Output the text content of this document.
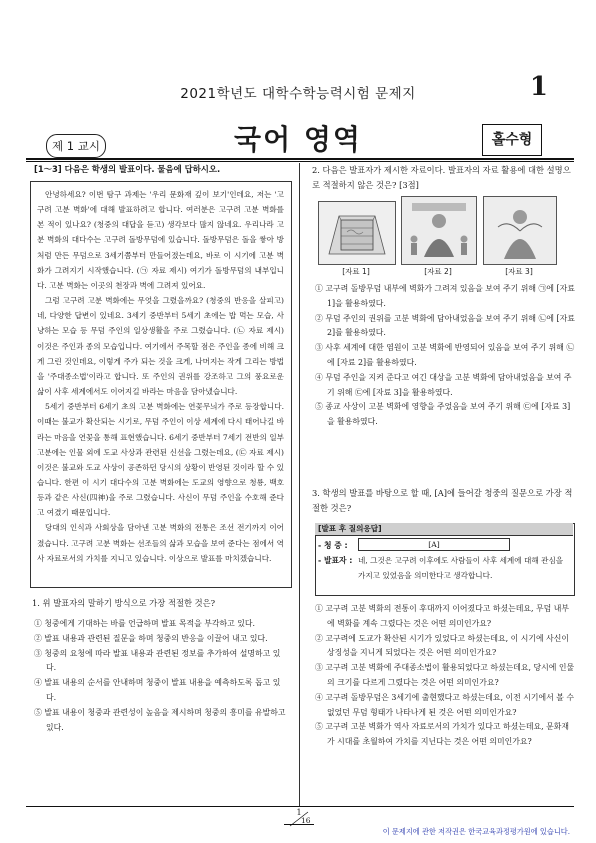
2021학년도 대학수학능력시험 문제지	1
제 1 교시	국어 영역	홀수형
[1～3] 다음은 학생의 발표이다. 물음에 답하시오.

안녕하세요? 이번 탐구 과제는 '우리 문화재 깊이 보기'인데요, 저는 '고구려 고분 벽화'에 대해 발표하려고 합니다. 여러분은 고구려 고분 벽화를 본 적이 있나요? (청중의 대답을 듣고) 생각보다 많지 않네요. 우리나라 고분 벽화의 대다수는 고구려 돌방무덤에 있습니다. 돌방무덤은 돌을 쌓아 방처럼 만든 무덤으로 3세기쯤부터 만들어졌는데요, 바로 이 시기에 고분 벽화가 그려지기 시작했습니다. (㉠ 자료 제시) 여기가 돌방무덤의 내부입니다. 고분 벽화는 이곳의 천장과 벽에 그려져 있어요.

그럼 고구려 고분 벽화에는 무엇을 그렸을까요? (청중의 반응을 살피고) 네, 다양한 답변이 있네요. 3세기 중반부터 5세기 초에는 밥 먹는 모습, 사냥하는 모습 등 무덤 주인의 일상생활을 주로 그렸습니다. (㉡ 자료 제시) 이것은 주인과 종의 모습입니다. 여기에서 주목할 점은 주인을 종에 비해 크게 그린 것인데요, 이렇게 주가 되는 것을 크게, 나머지는 작게 그리는 방법을 '주대종소법'이라고 합니다. 또 주인의 권위를 강조하고 그의 풍요로운 삶이 사후 세계에서도 이어지길 바라는 마음을 담아냈습니다.

5세기 중반부터 6세기 초의 고분 벽화에는 연꽃무늬가 주로 등장합니다. 이때는 불교가 확산되는 시기로, 무덤 주인이 이상 세계에 다시 태어나길 바라는 마음을 연꽃을 통해 표현했습니다. 6세기 중반부터 7세기 전반의 일부 고분에는 인물 외에 도교 사상과 관련된 신선을 그렸는데요, (㉢ 자료 제시) 이것은 불교와 도교 사상이 공존하던 당시의 상황이 반영된 것이라 할 수 있습니다. 한편 이 시기 대다수의 고분 벽화에는 도교의 영향으로 청룡, 백호 등과 같은 사신(四神)을 주로 그렸습니다. 사신이 무덤 주인을 수호해 준다고 여겼기 때문입니다.

당대의 인식과 사회상을 담아낸 고분 벽화의 전통은 조선 전기까지 이어졌습니다. 고구려 고분 벽화는 선조들의 삶과 모습을 보여 준다는 점에서 역사 자료로서의 가치를 지니고 있습니다. 이상으로 발표를 마치겠습니다.

1. 위 발표자의 말하기 방식으로 가장 적절한 것은?

① 청중에게 기대하는 바를 언급하며 발표 목적을 부각하고 있다.

② 발표 내용과 관련된 질문을 하며 청중의 반응을 이끌어 내고 있다.

③ 청중의 요청에 따라 발표 내용과 관련된 정보를 추가하여 설명하고 있다.

④ 발표 내용의 순서를 안내하며 청중이 발표 내용을 예측하도록 돕고 있다.

⑤ 발표 내용이 청중과 관련성이 높음을 제시하며 청중의 흥미를 유발하고 있다.

2. 다음은 발표자가 제시한 자료이다. 발표자의 자료 활용에 대한 설명으로 적절하지 않은 것은? [3점]

[자료 1]	[자료 2]	[자료 3]

① 고구려 돌방무덤 내부에 벽화가 그려져 있음을 보여 주기 위해 ㉠에 [자료 1]을 활용하였다.

② 무덤 주인의 권위를 고분 벽화에 담아내었음을 보여 주기 위해 ㉡에 [자료 2]를 활용하였다.

③ 사후 세계에 대한 염원이 고분 벽화에 반영되어 있음을 보여 주기 위해 ㉡에 [자료 2]를 활용하였다.

④ 무덤 주인을 지켜 준다고 여긴 대상을 고분 벽화에 담아내었음을 보여 주기 위해 ㉢에 [자료 3]을 활용하였다.

⑤ 종교 사상이 고분 벽화에 영향을 주었음을 보여 주기 위해 ㉢에 [자료 3]을 활용하였다.

3. 학생의 발표를 바탕으로 할 때, [A]에 들어갈 청중의 질문으로 가장 적절한 것은?

[발표 후 질의응답]
- 청 중 :	[A]
- 발표자 : 네, 그것은 고구려 이후에도 사람들이 사후 세계에 대해 관심을 가지고 있었음을 의미한다고 생각합니다.

① 고구려 고분 벽화의 전통이 후대까지 이어졌다고 하셨는데요, 무덤 내부에 벽화를 계속 그렸다는 것은 어떤 의미인가요?

② 고구려에 도교가 확산된 시기가 있었다고 하셨는데요, 이 시기에 사신이 상징성을 지니게 되었다는 것은 어떤 의미인가요?

③ 고구려 고분 벽화에 주대종소법이 활용되었다고 하셨는데요, 당시에 인물의 크기를 다르게 그렸다는 것은 어떤 의미인가요?

④ 고구려 돌방무덤은 3세기에 출현했다고 하셨는데요, 이전 시기에서 볼 수 없었던 무덤 형태가 나타나게 된 것은 어떤 의미인가요?

⑤ 고구려 고분 벽화가 역사 자료로서의 가치가 있다고 하셨는데요, 문화재가 시대를 초월하여 가치를 지닌다는 것은 어떤 의미인가요?

1
16
이 문제지에 관한 저작권은 한국교육과정평가원에 있습니다.
